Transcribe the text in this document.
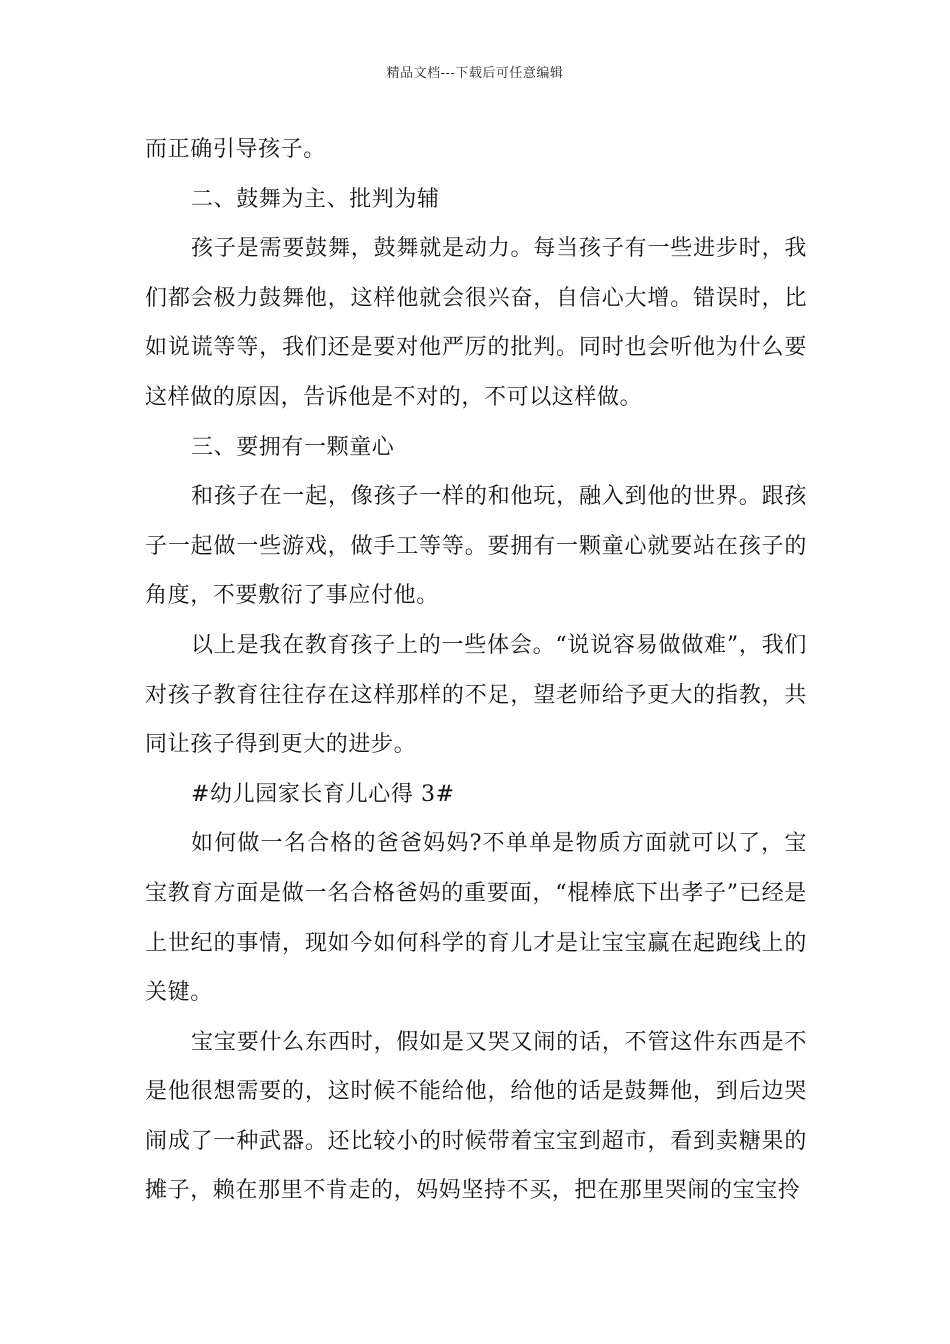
精品文档---下载后可任意编辑

而正确引导孩子。

二、鼓舞为主、批判为辅

孩子是需要鼓舞，鼓舞就是动力。每当孩子有一些进步时，我们都会极力鼓舞他，这样他就会很兴奋，自信心大增。错误时，比如说谎等等，我们还是要对他严厉的批判。同时也会听他为什么要这样做的原因，告诉他是不对的，不可以这样做。

三、要拥有一颗童心

和孩子在一起，像孩子一样的和他玩，融入到他的世界。跟孩子一起做一些游戏，做手工等等。要拥有一颗童心就要站在孩子的角度，不要敷衍了事应付他。

以上是我在教育孩子上的一些体会。“说说容易做做难”，我们对孩子教育往往存在这样那样的不足，望老师给予更大的指教，共同让孩子得到更大的进步。

#幼儿园家长育儿心得 3#

如何做一名合格的爸爸妈妈?不单单是物质方面就可以了，宝宝教育方面是做一名合格爸妈的重要面，“棍棒底下出孝子”已经是上世纪的事情，现如今如何科学的育儿才是让宝宝赢在起跑线上的关键。

宝宝要什么东西时，假如是又哭又闹的话，不管这件东西是不是他很想需要的，这时候不能给他，给他的话是鼓舞他，到后边哭闹成了一种武器。还比较小的时候带着宝宝到超市，看到卖糖果的摊子，赖在那里不肯走的，妈妈坚持不买，把在那里哭闹的宝宝拎
